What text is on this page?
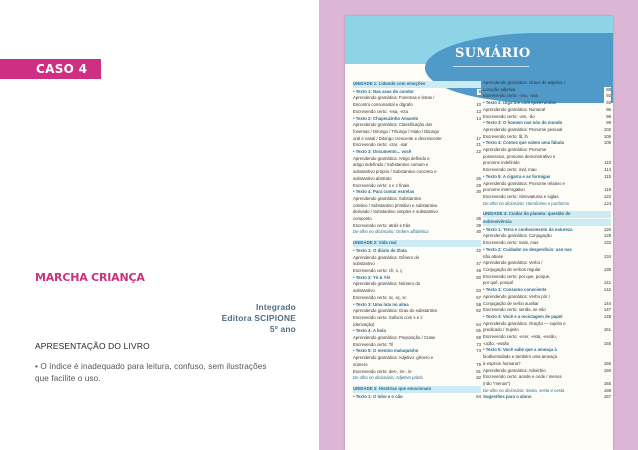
CASO 4
MARCHA CRIANÇA
Integrado
Editora SCIPIONE
5º ano
APRESENTAÇÃO DO LIVRO
• O índice é inadequado para leitura, confuso, sem ilustrações que facilite o uso.
SUMÁRIO
UNIDADE 1: Lidando com emoções
• Texto 1: Nas asas do condor	8
Aprendendo gramática: Fonemas e letras /
Encontro consonantal e dígrafo	10
Escrevendo certo: -esa, -eza	13
• Texto 2: Chapeuzinho Amarelo	14
Aprendendo gramática: Classificação dos
fonemas / Ditongo / Tritongo / Hiato / Ditongo
oral e nasal / Ditongo crescente e decrescente	17
Escrevendo certo: -izar, -isar	21
• Texto 3: Documento... você	22
Aprendendo gramática: Artigo definido e
artigo indefinido / Substantivo comum e
substantivo próprio / Substantivo concreto e
substantivo abstrato	26
Escrevendo certo: s e z finais	29
• Texto 4: Para contar estrelas	30
Aprendendo gramática: Substantivo
coletivo / Substantivo primitivo e substantivo
derivado / Substantivo simples e substantivo
composto	36
Escrevendo certo: atrás e trás	39
De olho no dicionário: Ordem alfabética	40
UNIDADE 2: Vida real
• Texto 1: O diário de Zlata	42
Aprendendo gramática: Gênero do
substantivo	47
Escrevendo certo: ch, x, ç	49
• Texto 2: Yè & Yè!	50
Aprendendo gramática: Número do
substantivo	53
Escrevendo certo: sc, sç, xc	57
• Texto 3: Uma luta no alma	58
Aprendendo gramática: Grau do substantivo	62
Escrevendo certo: Sufixos com s e z
(derivação)	64
• Texto 4: A bola	65
Aprendendo gramática: Preposição / Crase	69
Escrevendo certo: Til	73
• Texto 5: O menino maluquinho	74
Aprendendo gramática: Adjetivo: gênero e
número	79
Escrevendo certo: des-, im-, in-	81
De olho no dicionário: Adjetivo pátrio	82
UNIDADE 3: Histórias que emocionam
• Texto 1: O lobo e o cão	84
Aprendendo gramática: Graus do adjetivo /
Locução adjetiva	88
Escrevendo certo: -oso, -osa	92
• Texto 2: Diga-me com quem andas	93
Aprendendo gramática: Numeral	96
Escrevendo certo: -am, -ão	98
• Texto 3: O homem nas nós do mundo	99
Aprendendo gramática: Pronome pessoal	102
Escrevendo certo: lã, lh	105
• Texto 4: Contos que valem uma fábula	106
Aprendendo gramática: Pronome
possessivo, pronome demonstrativo e
pronome indefinido	110
Escrevendo certo: mal, mau	114
• Texto 5: A cigarra e as formigas	115
Aprendendo gramática: Pronome relativo e
pronome interrogativo	118
Escrevendo certo: Abreviaturas e siglas	122
De olho no dicionário: Homônimo e parônimo	124
UNIDADE 4: Cuidar do planeta: questão de
sobrevivência
• Texto 1: Terra e conhecimento da natureza	126
Aprendendo gramática: Conjugação	129
Escrevendo certo: mais, mas	133
• Texto 2: Cuidado! os desperdício: use nas
não abuse	134
Aprendendo gramática: Verbo /
Conjugação de verbos regular	135
Escrevendo certo: por que, porque,
por quê, porquê	141
• Texto 3: Consumo consciente	142
Aprendendo gramática: Verbo pôr /
Conjugação de verbo auxiliar	144
Escrevendo certo: senão, se não	147
• Texto 4: Você e a reciclagem de papel	148
Aprendendo gramática: Oração — sujeito e
predicado / Sujeito	151
Escrevendo certo: -ecer, -esta, -essão,
-ução, -essão	155
• Texto 5: Você sabe que a ameaça à
biodiversidade e também uma ameaça
à espécie humana?	156
Aprendendo gramática: Advérbio	160
Escrevendo certo: aonde e onde / menos
(não "menas")	165
De olho no dicionário: Sexta, sesta e cesta	166
Sugestões para o aluno	167
